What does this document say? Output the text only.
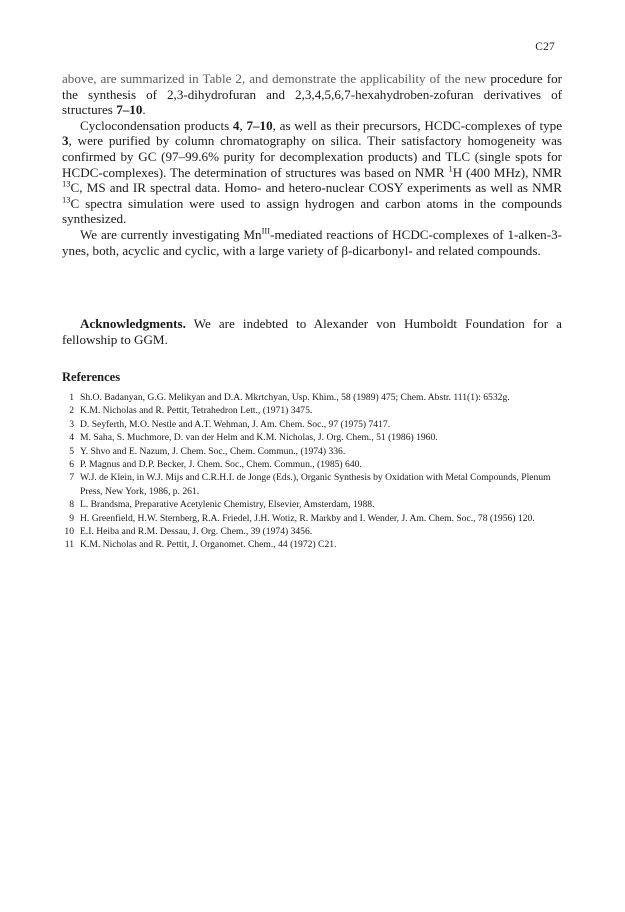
C27

above, are summarized in Table 2, and demonstrate the applicability of the new procedure for the synthesis of 2,3-dihydrofuran and 2,3,4,5,6,7-hexahydroben-zofuran derivatives of structures 7–10.

Cyclocondensation products 4, 7–10, as well as their precursors, HCDC-complexes of type 3, were purified by column chromatography on silica. Their satisfactory homogeneity was confirmed by GC (97–99.6% purity for decomplexation products) and TLC (single spots for HCDC-complexes). The determination of structures was based on NMR $^1$H (400 MHz), NMR $^{13}$C, MS and IR spectral data. Homo- and hetero-nuclear COSY experiments as well as NMR $^{13}$C spectra simulation were used to assign hydrogen and carbon atoms in the compounds synthesized.

We are currently investigating $Mn^{III}$-mediated reactions of HCDC-complexes of 1-alken-3-ynes, both, acyclic and cyclic, with a large variety of β-dicarbonyl- and related compounds.

Acknowledgments. We are indebted to Alexander von Humboldt Foundation for a fellowship to GGM.

References
1 Sh.O. Badanyan, G.G. Melikyan and D.A. Mkrtchyan, Usp. Khim., 58 (1989) 475; Chem. Abstr. 111(1): 6532g.
2 K.M. Nicholas and R. Pettit, Tetrahedron Lett., (1971) 3475.
3 D. Seyferth, M.O. Nestle and A.T. Wehman, J. Am. Chem. Soc., 97 (1975) 7417.
4 M. Saha, S. Muchmore, D. van der Helm and K.M. Nicholas, J. Org. Chem., 51 (1986) 1960.
5 Y. Shvo and E. Nazum, J. Chem. Soc., Chem. Commun., (1974) 336.
6 P. Magnus and D.P. Becker, J. Chem. Soc., Chem. Commun., (1985) 640.
7 W.J. de Klein, in W.J. Mijs and C.R.H.I. de Jonge (Eds.), Organic Synthesis by Oxidation with Metal Compounds, Plenum Press, New York, 1986, p. 261.
8 L. Brandsma, Preparative Acetylenic Chemistry, Elsevier, Amsterdam, 1988.
9 H. Greenfield, H.W. Sternberg, R.A. Friedel, J.H. Wotiz, R. Markby and I. Wender, J. Am. Chem. Soc., 78 (1956) 120.
10 E.I. Heiba and R.M. Dessau, J. Org. Chem., 39 (1974) 3456.
11 K.M. Nicholas and R. Pettit, J. Organomet. Chem., 44 (1972) C21.
